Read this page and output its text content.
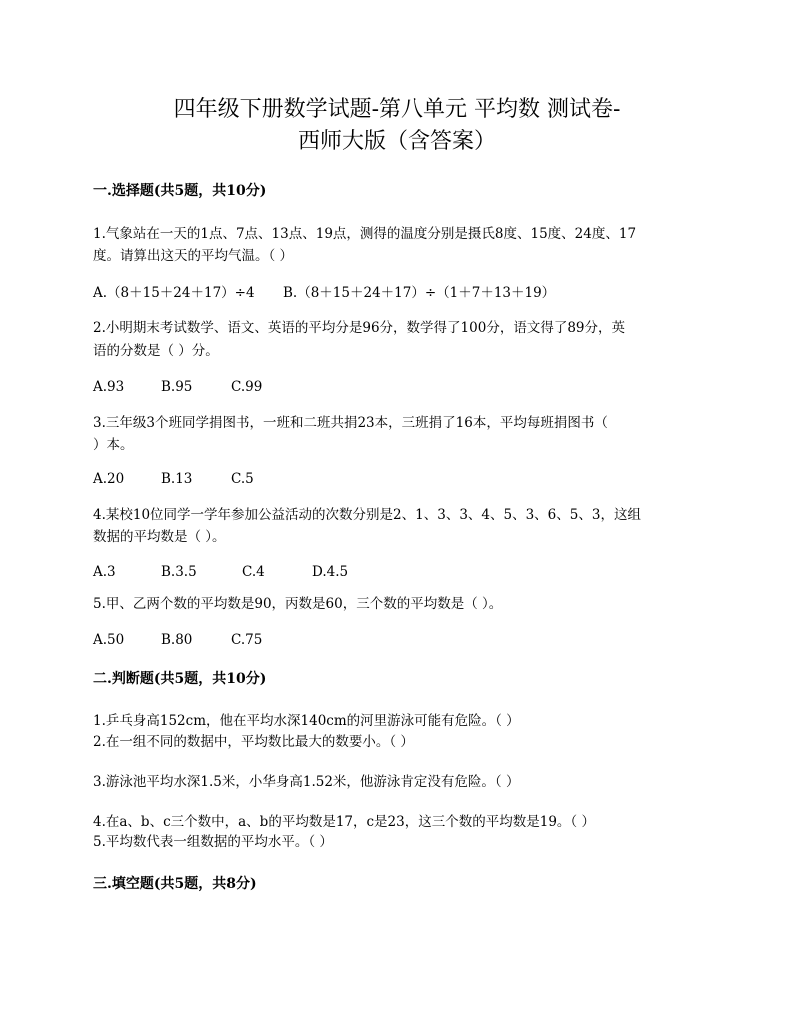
四年级下册数学试题-第八单元 平均数 测试卷-
西师大版（含答案）
一.选择题(共5题，共10分)
1.气象站在一天的1点、7点、13点、19点，测得的温度分别是摄氏8度、15度、24度、17
度。请算出这天的平均气温。（ ）
A.（8＋15＋24＋17）÷4 B.（8＋15＋24＋17）÷（1＋7＋13＋19）
2.小明期末考试数学、语文、英语的平均分是96分，数学得了100分，语文得了89分，英
语的分数是（ ）分。
A.93	B.95	C.99
3.三年级3个班同学捐图书，一班和二班共捐23本，三班捐了16本，平均每班捐图书（
）本。
A.20	B.13	C.5
4.某校10位同学一学年参加公益活动的次数分别是2、1、3、3、4、5、3、6、5、3，这组
数据的平均数是（ ）。
A.3	B.3.5	C.4	D.4.5
5.甲、乙两个数的平均数是90，丙数是60，三个数的平均数是（ ）。
A.50	B.80	C.75
二.判断题(共5题，共10分)
1.乒乓身高152cm，他在平均水深140cm的河里游泳可能有危险。（ ）
2.在一组不同的数据中，平均数比最大的数要小。（ ）
3.游泳池平均水深1.5米，小华身高1.52米，他游泳肯定没有危险。（ ）
4.在a、b、c三个数中，a、b的平均数是17，c是23，这三个数的平均数是19。（ ）
5.平均数代表一组数据的平均水平。（ ）
三.填空题(共5题，共8分)
